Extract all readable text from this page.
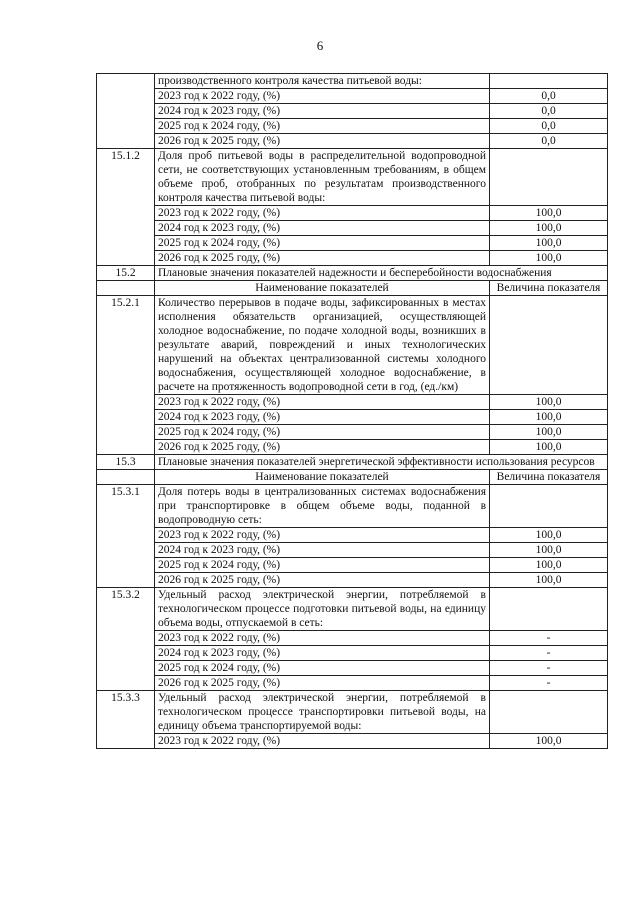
6
	производственного контроля качества питьевой воды:	
	2023 год к 2022 году, (%)	0,0
	2024 год к 2023 году, (%)	0,0
	2025 год к 2024 году, (%)	0,0
	2026 год к 2025 году, (%)	0,0
15.1.2	Доля проб питьевой воды в распределительной водопроводной сети, не соответствующих установленным требованиям, в общем объеме проб, отобранных по результатам производственного контроля качества питьевой воды:	
	2023 год к 2022 году, (%)	100,0
	2024 год к 2023 году, (%)	100,0
	2025 год к 2024 году, (%)	100,0
	2026 год к 2025 году, (%)	100,0
15.2	Плановые значения показателей надежности и бесперебойности водоснабжения	
	Наименование показателей	Величина показателя
15.2.1	Количество перерывов в подаче воды, зафиксированных в местах исполнения обязательств организацией, осуществляющей холодное водоснабжение, по подаче холодной воды, возникших в результате аварий, повреждений и иных технологических нарушений на объектах централизованной системы холодного водоснабжения, осуществляющей холодное водоснабжение, в расчете на протяженность водопроводной сети в год, (ед./км)	
	2023 год к 2022 году, (%)	100,0
	2024 год к 2023 году, (%)	100,0
	2025 год к 2024 году, (%)	100,0
	2026 год к 2025 году, (%)	100,0
15.3	Плановые значения показателей энергетической эффективности использования ресурсов	
	Наименование показателей	Величина показателя
15.3.1	Доля потерь воды в централизованных системах водоснабжения при транспортировке в общем объеме воды, поданной в водопроводную сеть:	
	2023 год к 2022 году, (%)	100,0
	2024 год к 2023 году, (%)	100,0
	2025 год к 2024 году, (%)	100,0
	2026 год к 2025 году, (%)	100,0
15.3.2	Удельный расход электрической энергии, потребляемой в технологическом процессе подготовки питьевой воды, на единицу объема воды, отпускаемой в сеть:	
	2023 год к 2022 году, (%)	-
	2024 год к 2023 году, (%)	-
	2025 год к 2024 году, (%)	-
	2026 год к 2025 году, (%)	-
15.3.3	Удельный расход электрической энергии, потребляемой в технологическом процессе транспортировки питьевой воды, на единицу объема транспортируемой воды:	
	2023 год к 2022 году, (%)	100,0
